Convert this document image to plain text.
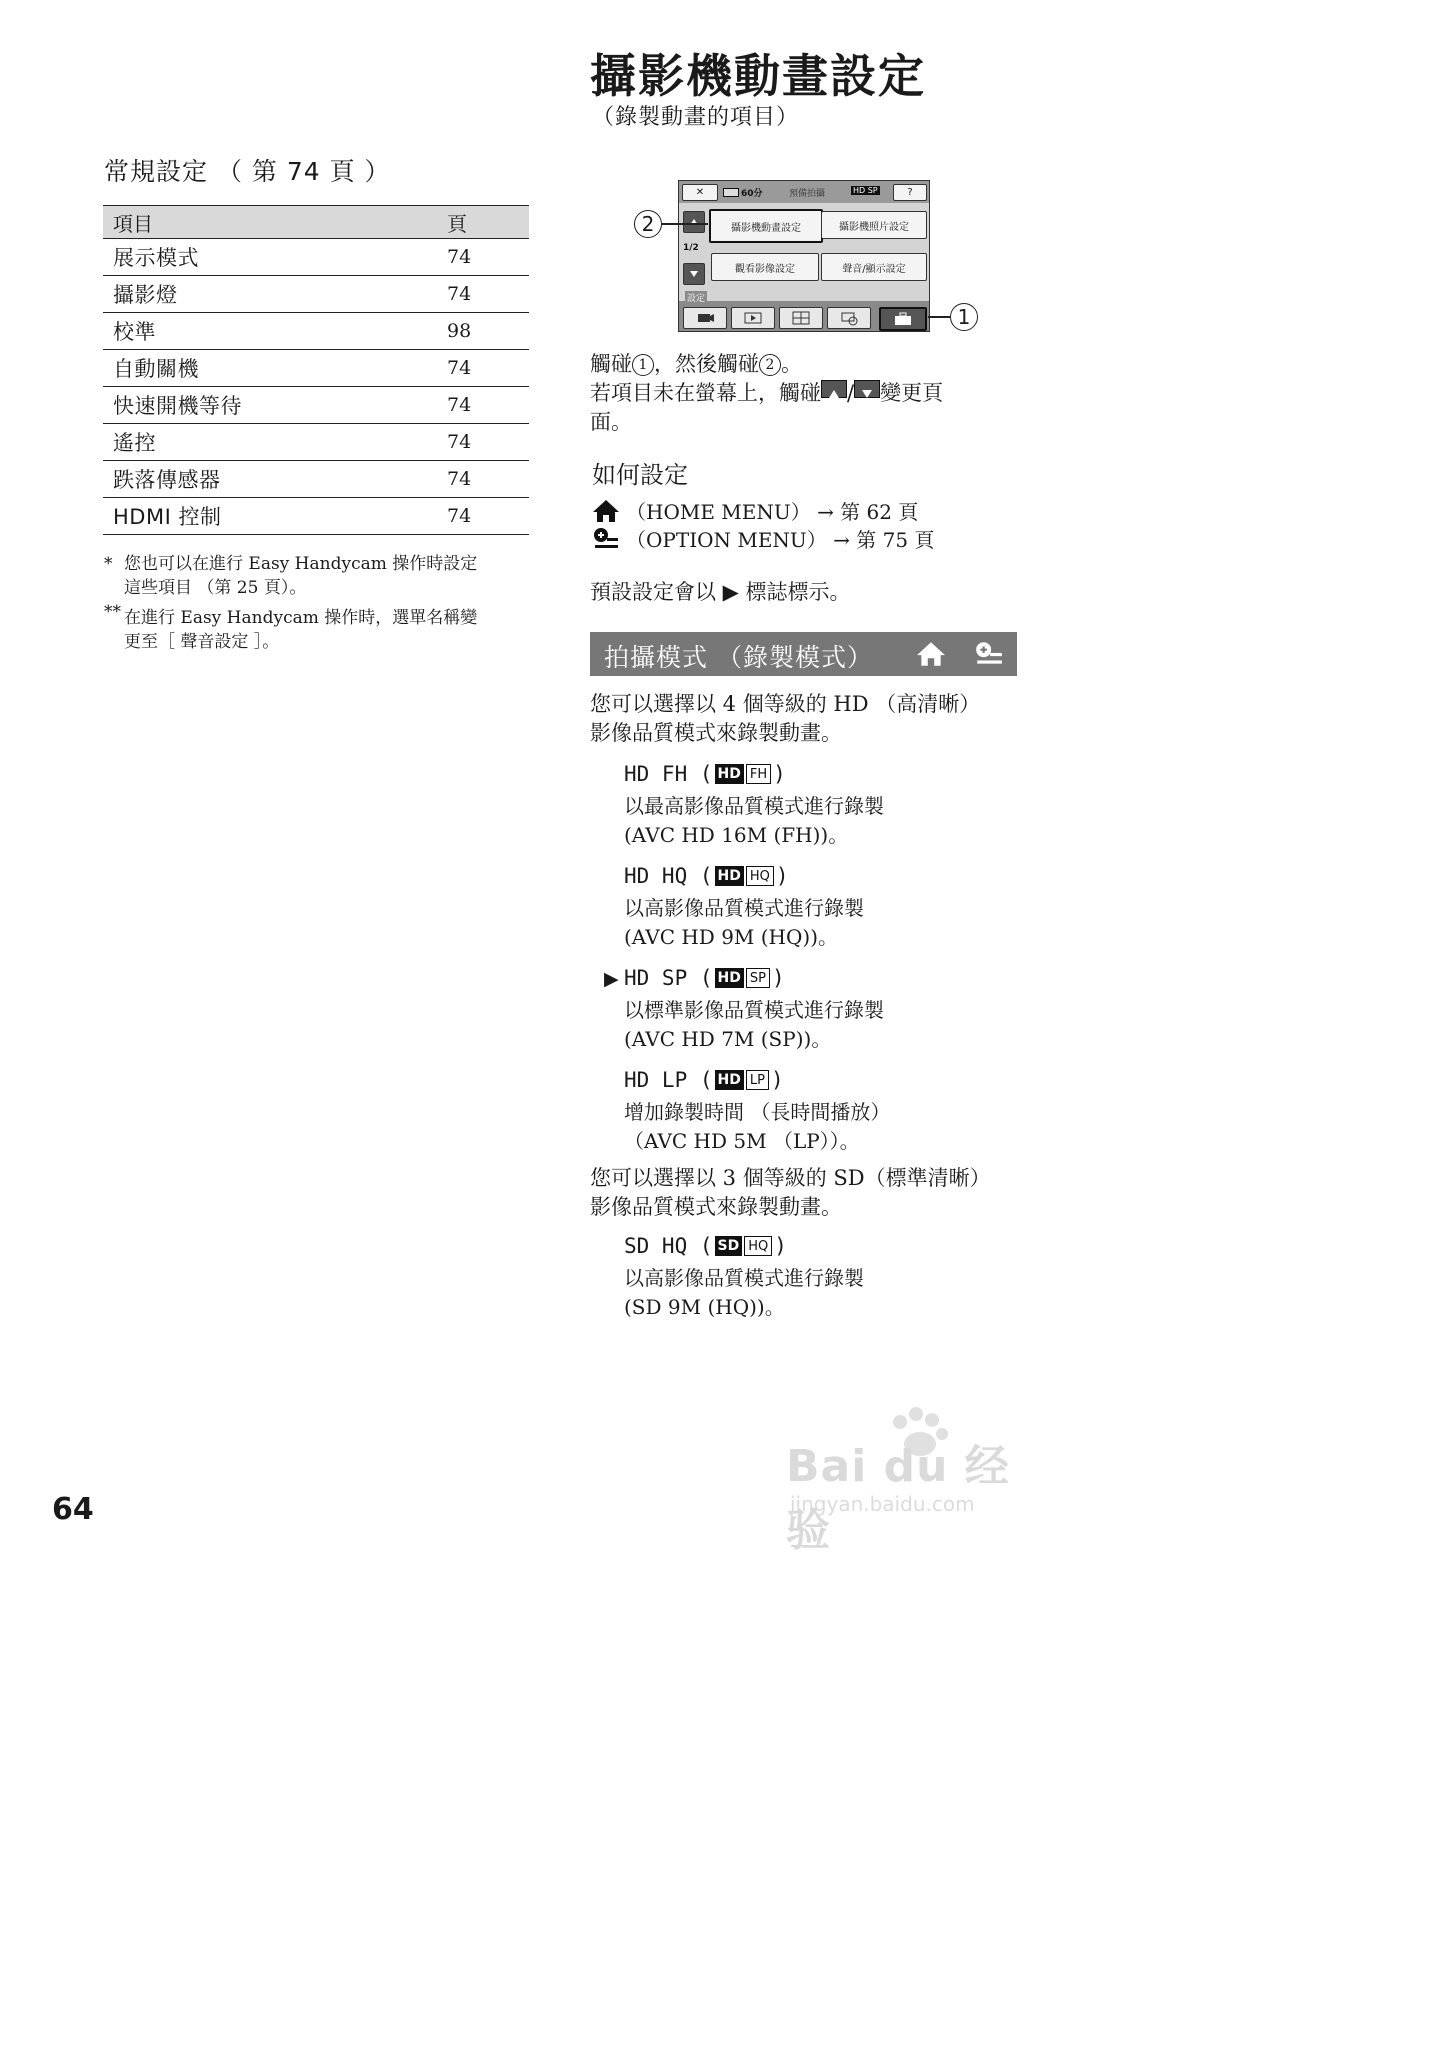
常規設定 （ 第 74 頁 ）
項目	頁
展示模式	74
攝影燈	74
校準	98
自動關機	74
快速開機等待	74
遙控	74
跌落傳感器	74
HDMI 控制	74
* 您也可以在進行 Easy Handycam 操作時設定
這些項目 （第 25 頁）。
** 在進行 Easy Handycam 操作時，選單名稱變
更至［ 聲音設定 ］。
64
攝影機動畫設定
（錄製動畫的項目）
✕	60分	預備拍攝	HD SP	?
1/2
攝影機動畫設定	攝影機照片設定
觀看影像設定	聲音/顯示設定
設定
2
1
觸碰 1 ，然後觸碰 2 。
若項目未在螢幕上，觸碰 / 變更頁
面。
如何設定
（HOME MENU） → 第 62 頁
（OPTION MENU） → 第 75 頁
預設設定會以 ▶ 標誌標示。
拍攝模式 （錄製模式）
您可以選擇以 4 個等級的 HD （高清晰）
影像品質模式來錄製動畫。
HD FH ( HD FH )
以最高影像品質模式進行錄製
(AVC HD 16M (FH))。
HD HQ ( HD HQ )
以高影像品質模式進行錄製
(AVC HD 9M (HQ))。
▶ HD SP ( HD SP )
以標準影像品質模式進行錄製
(AVC HD 7M (SP))。
HD LP ( HD LP )
增加錄製時間 （長時間播放）
（AVC HD 5M （LP））。
您可以選擇以 3 個等級的 SD（標準清晰）
影像品質模式來錄製動畫。
SD HQ ( SD HQ )
以高影像品質模式進行錄製
(SD 9M (HQ))。
Bai du 经验
jingyan.baidu.com
